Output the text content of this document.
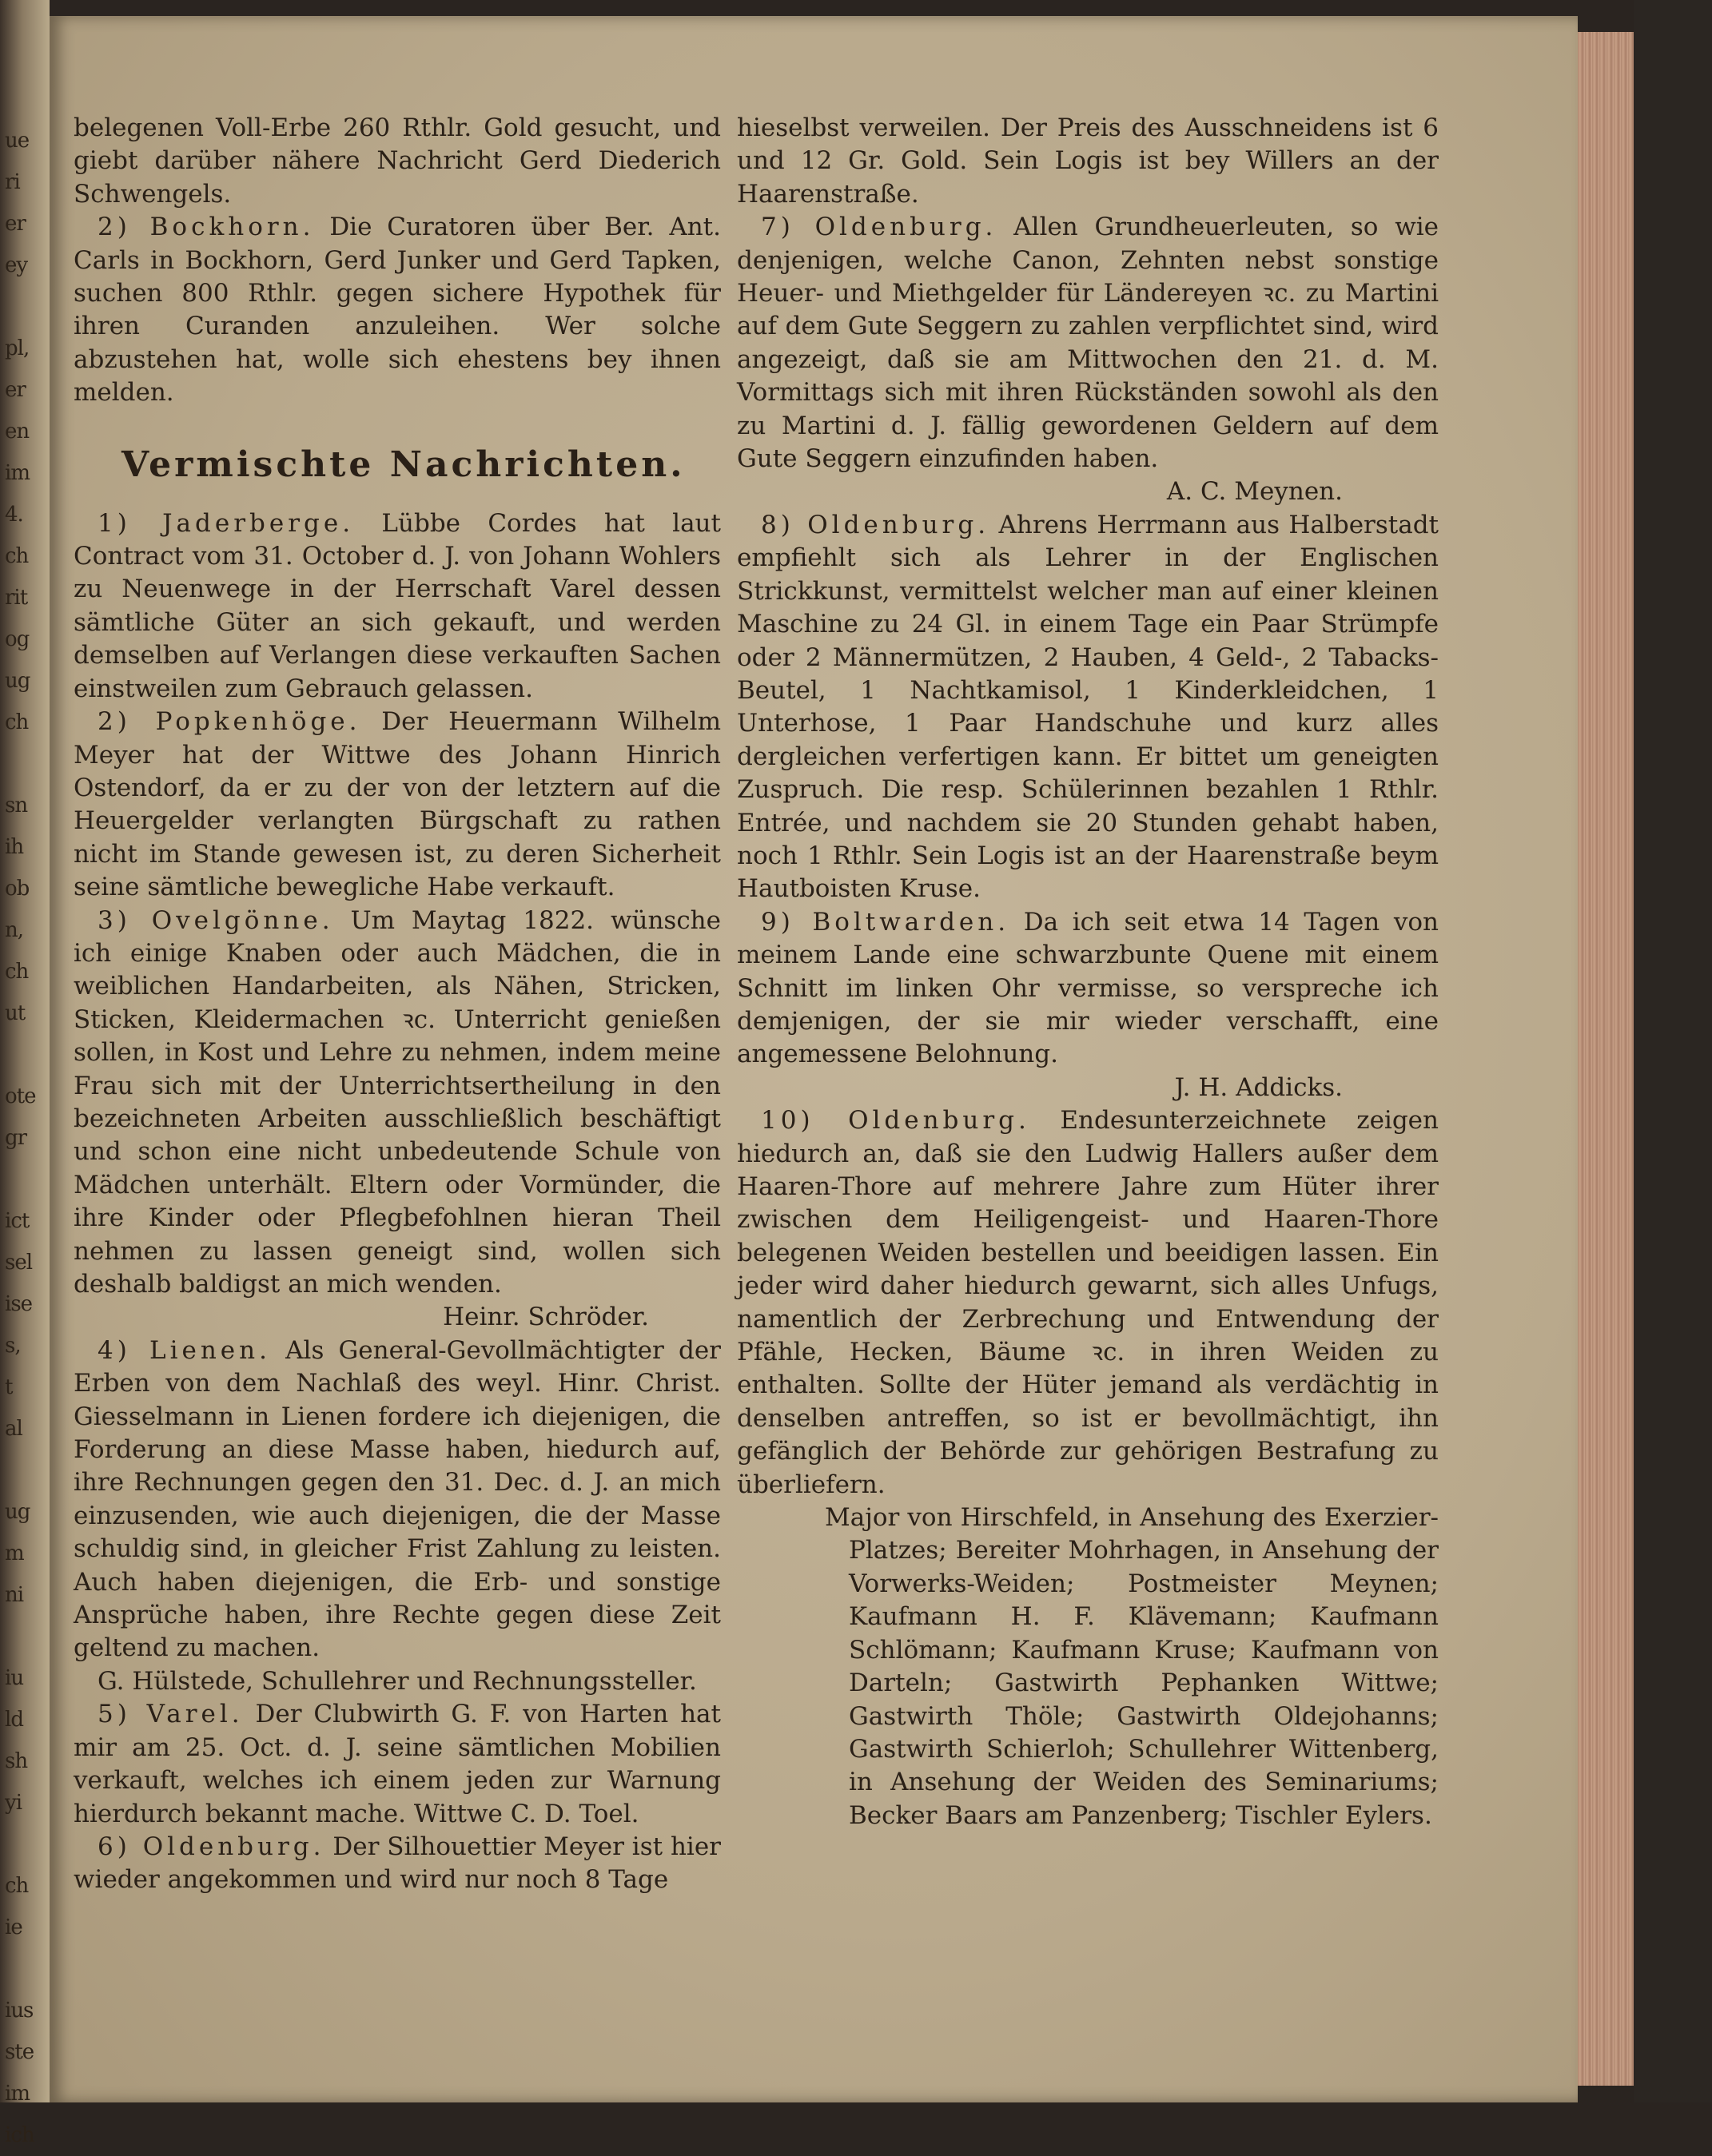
ue
ri
er
ey
pl,
er
en
im
4.
ch
rit
og
ug
ch
sn
ih
ob
n,
ch
ut
ote
gr
ict
sel
ise
s,
t
al
ug
m
ni
iu
ld
sh
yi
ch
ie
ius
ste
im
ich

belegenen Voll-Erbe 260 Rthlr. Gold gesucht, und giebt darüber nähere Nachricht Gerd Diederich Schwengels.

2) Bockhorn. Die Curatoren über Ber. Ant. Carls in Bockhorn, Gerd Junker und Gerd Tapken, suchen 800 Rthlr. gegen sichere Hypothek für ihren Curanden anzuleihen. Wer solche abzustehen hat, wolle sich ehestens bey ihnen melden.

Vermischte Nachrichten.

1) Jaderberge. Lübbe Cordes hat laut Contract vom 31. October d. J. von Johann Wohlers zu Neuenwege in der Herrschaft Varel dessen sämtliche Güter an sich gekauft, und werden demselben auf Verlangen diese verkauften Sachen einstweilen zum Gebrauch gelassen.

2) Popkenhöge. Der Heuermann Wilhelm Meyer hat der Wittwe des Johann Hinrich Ostendorf, da er zu der von der letztern auf die Heuergelder verlangten Bürgschaft zu rathen nicht im Stande gewesen ist, zu deren Sicherheit seine sämtliche bewegliche Habe verkauft.

3) Ovelgönne. Um Maytag 1822. wünsche ich einige Knaben oder auch Mädchen, die in weiblichen Handarbeiten, als Nähen, Stricken, Sticken, Kleidermachen ꝛc. Unterricht genießen sollen, in Kost und Lehre zu nehmen, indem meine Frau sich mit der Unterrichtsertheilung in den bezeichneten Arbeiten ausschließlich beschäftigt und schon eine nicht unbedeutende Schule von Mädchen unterhält. Eltern oder Vormünder, die ihre Kinder oder Pflegbefohlnen hieran Theil nehmen zu lassen geneigt sind, wollen sich deshalb baldigst an mich wenden.

Heinr. Schröder.

4) Lienen. Als General-Gevollmächtigter der Erben von dem Nachlaß des weyl. Hinr. Christ. Giesselmann in Lienen fordere ich diejenigen, die Forderung an diese Masse haben, hiedurch auf, ihre Rechnungen gegen den 31. Dec. d. J. an mich einzusenden, wie auch diejenigen, die der Masse schuldig sind, in gleicher Frist Zahlung zu leisten. Auch haben diejenigen, die Erb- und sonstige Ansprüche haben, ihre Rechte gegen diese Zeit geltend zu machen.

G. Hülstede, Schullehrer und Rechnungssteller.

5) Varel. Der Clubwirth G. F. von Harten hat mir am 25. Oct. d. J. seine sämtlichen Mobilien verkauft, welches ich einem jeden zur Warnung hierdurch bekannt mache. Wittwe C. D. Toel.

6) Oldenburg. Der Silhouettier Meyer ist hier wieder angekommen und wird nur noch 8 Tage

hieselbst verweilen. Der Preis des Ausschneidens ist 6 und 12 Gr. Gold. Sein Logis ist bey Willers an der Haarenstraße.

7) Oldenburg. Allen Grundheuerleuten, so wie denjenigen, welche Canon, Zehnten nebst sonstige Heuer- und Miethgelder für Ländereyen ꝛc. zu Martini auf dem Gute Seggern zu zahlen verpflichtet sind, wird angezeigt, daß sie am Mittwochen den 21. d. M. Vormittags sich mit ihren Rückständen sowohl als den zu Martini d. J. fällig gewordenen Geldern auf dem Gute Seggern einzufinden haben.

A. C. Meynen.

8) Oldenburg. Ahrens Herrmann aus Halberstadt empfiehlt sich als Lehrer in der Englischen Strickkunst, vermittelst welcher man auf einer kleinen Maschine zu 24 Gl. in einem Tage ein Paar Strümpfe oder 2 Männermützen, 2 Hauben, 4 Geld-, 2 Tabacks-Beutel, 1 Nachtkamisol, 1 Kinderkleidchen, 1 Unterhose, 1 Paar Handschuhe und kurz alles dergleichen verfertigen kann. Er bittet um geneigten Zuspruch. Die resp. Schülerinnen bezahlen 1 Rthlr. Entrée, und nachdem sie 20 Stunden gehabt haben, noch 1 Rthlr. Sein Logis ist an der Haarenstraße beym Hautboisten Kruse.

9) Boltwarden. Da ich seit etwa 14 Tagen von meinem Lande eine schwarzbunte Quene mit einem Schnitt im linken Ohr vermisse, so verspreche ich demjenigen, der sie mir wieder verschafft, eine angemessene Belohnung.

J. H. Addicks.

10) Oldenburg. Endesunterzeichnete zeigen hiedurch an, daß sie den Ludwig Hallers außer dem Haaren-Thore auf mehrere Jahre zum Hüter ihrer zwischen dem Heiligengeist- und Haaren-Thore belegenen Weiden bestellen und beeidigen lassen. Ein jeder wird daher hiedurch gewarnt, sich alles Unfugs, namentlich der Zerbrechung und Entwendung der Pfähle, Hecken, Bäume ꝛc. in ihren Weiden zu enthalten. Sollte der Hüter jemand als verdächtig in denselben antreffen, so ist er bevollmächtigt, ihn gefänglich der Behörde zur gehörigen Bestrafung zu überliefern.

Major von Hirschfeld, in Ansehung des Exerzier-Platzes; Bereiter Mohrhagen, in Ansehung der Vorwerks-Weiden; Postmeister Meynen; Kaufmann H. F. Klävemann; Kaufmann Schlömann; Kaufmann Kruse; Kaufmann von Darteln; Gastwirth Pephanken Wittwe; Gastwirth Thöle; Gastwirth Oldejohanns; Gastwirth Schierloh; Schullehrer Wittenberg, in Ansehung der Weiden des Seminariums; Becker Baars am Panzenberg; Tischler Eylers.
